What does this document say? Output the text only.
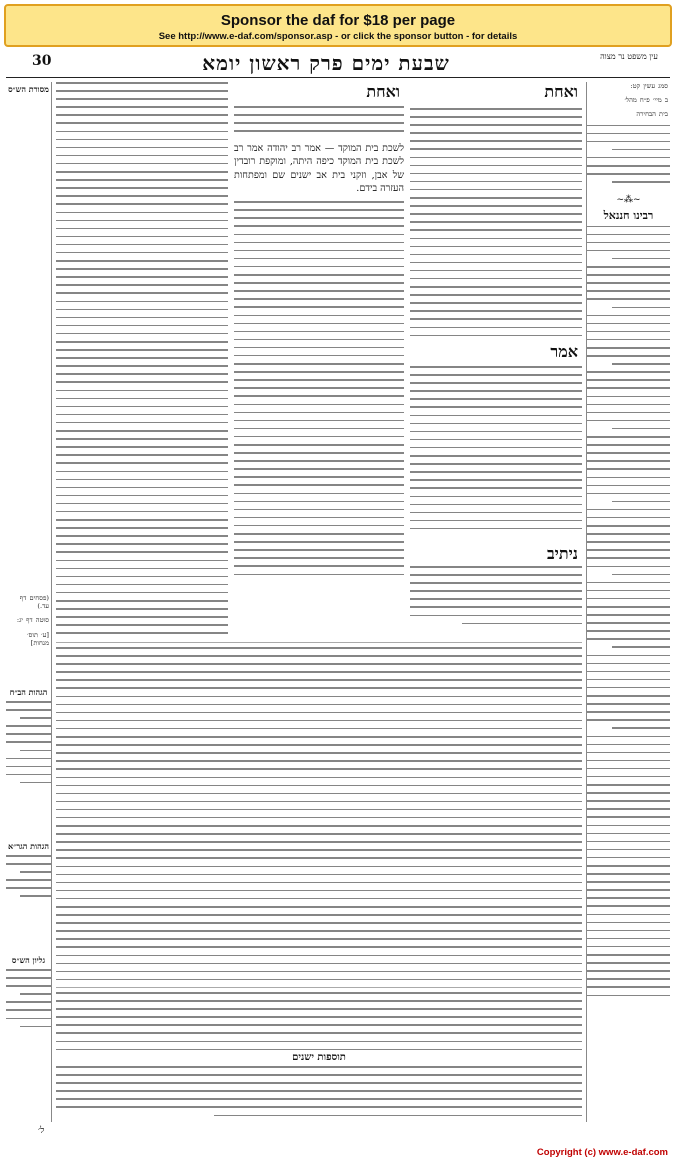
Sponsor the daf for $18 per page
See http://www.e-daf.com/sponsor.asp - or click the sponsor button - for details
30	שבעת ימים פרק ראשון יומא	עין משפט נר מצוה
מסורת הש״ס
(פסחים דף עד.)
סוטה דף יג:
[ע׳ תוס׳ מנחות]
הגהות הב״ח
הגהות הגר״א
גליון הש״ס
סמג עשין קט:
ב מיי׳ פ״ח מהל׳
בית הבחירה
~⁂~
רבינו חננאל
ואחת
לשכת בית המוקד — אמר רב יהודה אמר רב לשכת בית המוקד כיפה היתה, ומוקפת רובדין של אבן, וזקני בית אב ישנים שם ומפתחות העזרה בידם.
ואחת
אמר
ניתיב
תוספות ישנים
ל׳
Copyright (c) www.e-daf.com
